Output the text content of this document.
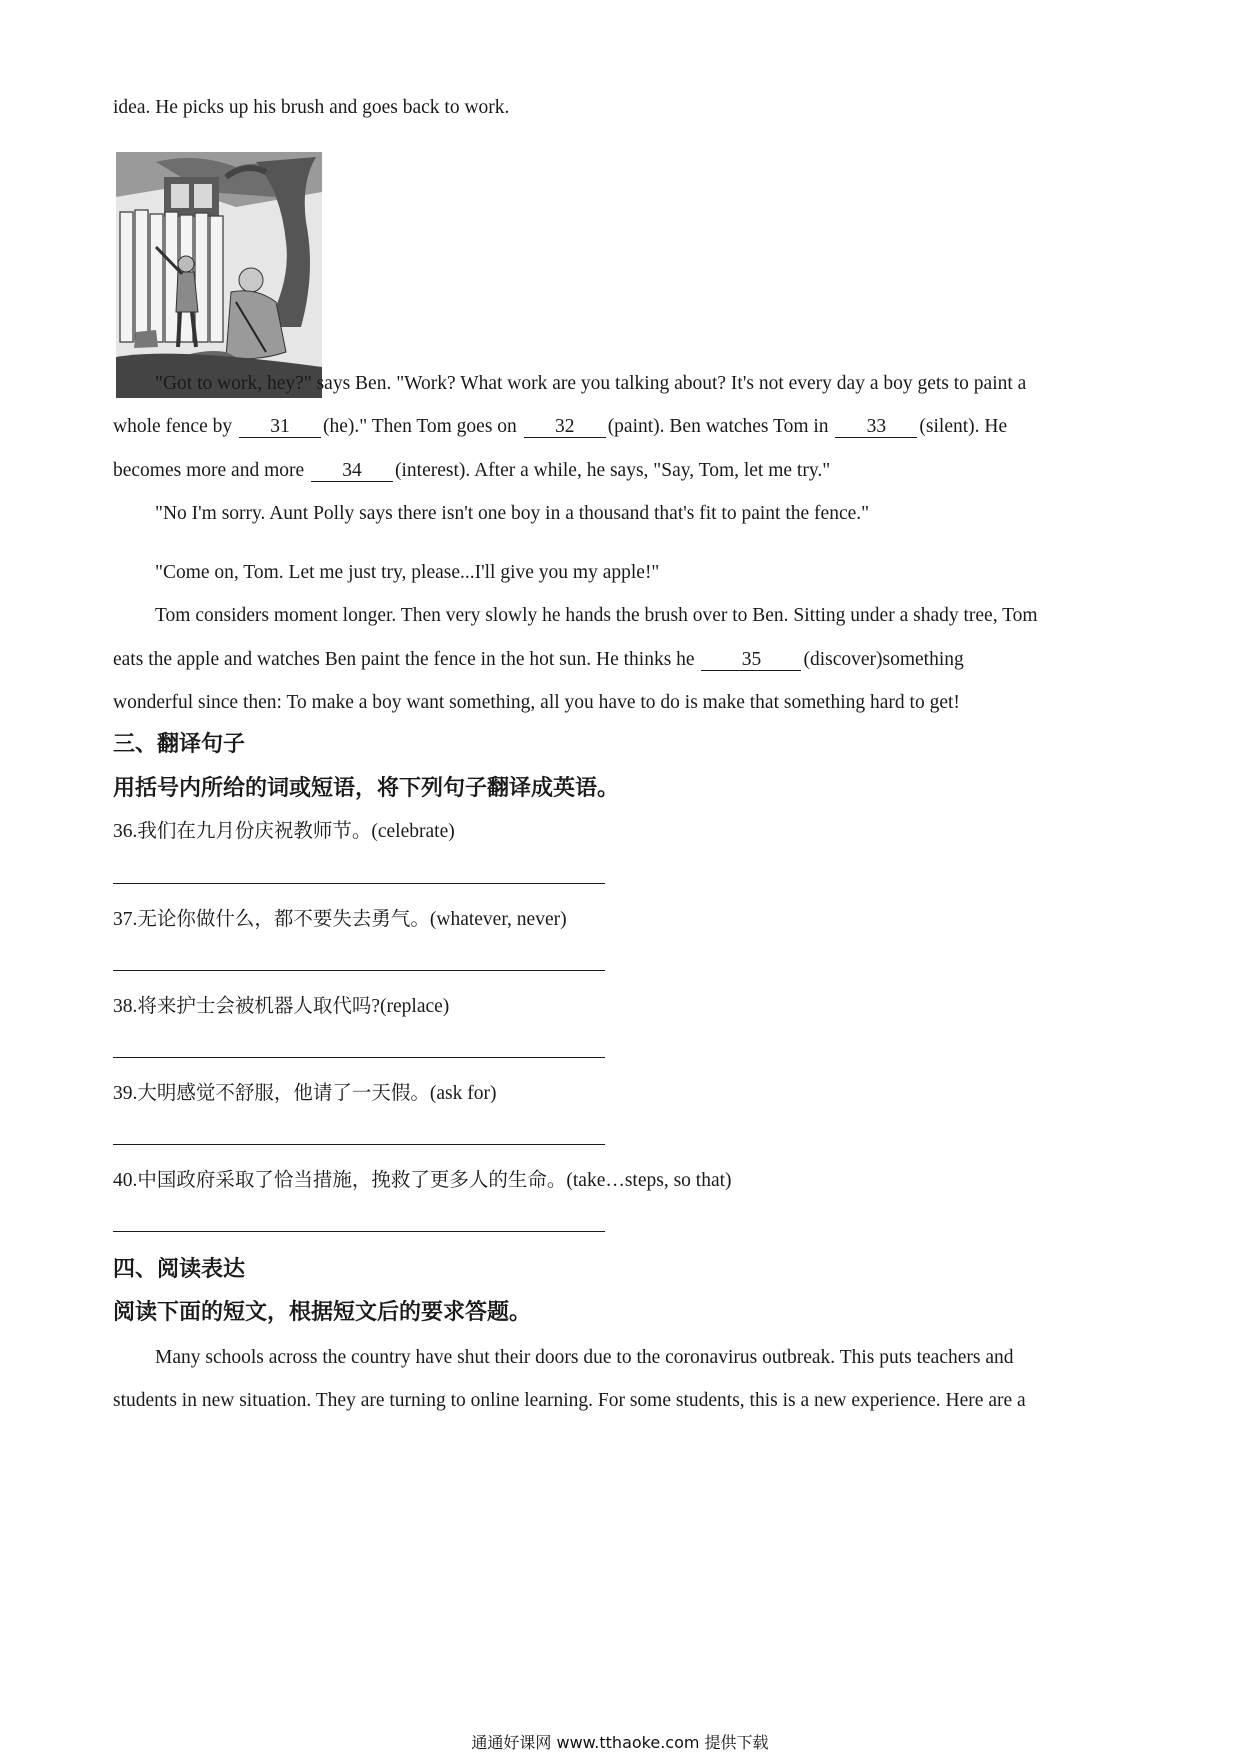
idea. He picks up his brush and goes back to work.
"Got to work, hey?" says Ben. "Work? What work are you talking about? It's not every day a boy gets to paint a
whole fence by 31 (he)." Then Tom goes on 32 (paint). Ben watches Tom in 33 (silent). He
becomes more and more 34 (interest). After a while, he says, "Say, Tom, let me try."
"No I'm sorry. Aunt Polly says there isn't one boy in a thousand that's fit to paint the fence."
"Come on, Tom. Let me just try, please...I'll give you my apple!"
Tom considers moment longer. Then very slowly he hands the brush over to Ben. Sitting under a shady tree, Tom
eats the apple and watches Ben paint the fence in the hot sun. He thinks he 35 (discover)something
wonderful since then: To make a boy want something, all you have to do is make that something hard to get!
三、翻译句子
用括号内所给的词或短语，将下列句子翻译成英语。
36.我们在九月份庆祝教师节。(celebrate)
37.无论你做什么，都不要失去勇气。(whatever, never)
38.将来护士会被机器人取代吗?(replace)
39.大明感觉不舒服，他请了一天假。(ask for)
40.中国政府采取了恰当措施，挽救了更多人的生命。(take…steps, so that)
四、阅读表达
阅读下面的短文，根据短文后的要求答题。
Many schools across the country have shut their doors due to the coronavirus outbreak. This puts teachers and
students in new situation. They are turning to online learning. For some students, this is a new experience. Here are a
通通好课网 www.tthaoke.com 提供下载
